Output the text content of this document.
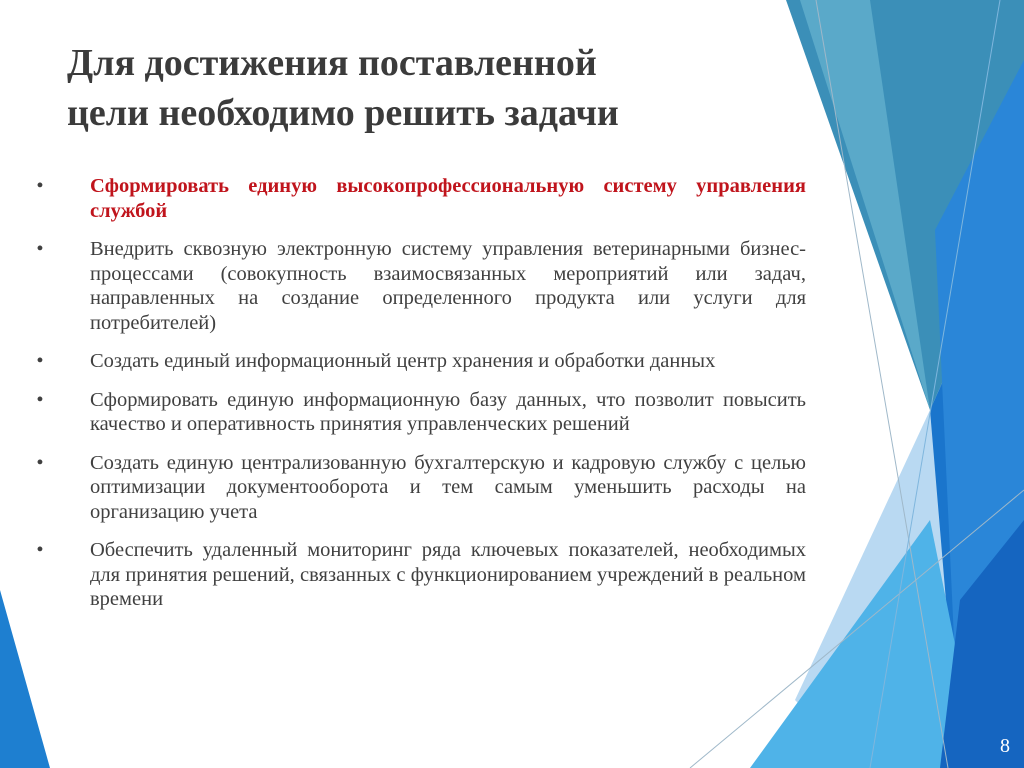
Для достижения поставленной
цели необходимо решить задачи
•	Сформировать единую высокопрофессиональную систему управления службой
•	Внедрить сквозную электронную систему управления ветеринарными бизнес-процессами (совокупность взаимосвязанных мероприятий или задач, направленных на создание определенного продукта или услуги для потребителей)
•	Создать единый информационный центр хранения и обработки данных
•	Сформировать единую информационную базу данных, что позволит повысить качество и оперативность принятия управленческих решений
•	Создать единую централизованную бухгалтерскую и кадровую службу с целью оптимизации документооборота и тем самым уменьшить расходы на организацию учета
•	Обеспечить удаленный мониторинг ряда ключевых показателей, необходимых для принятия решений, связанных с функционированием учреждений в реальном времени
8
